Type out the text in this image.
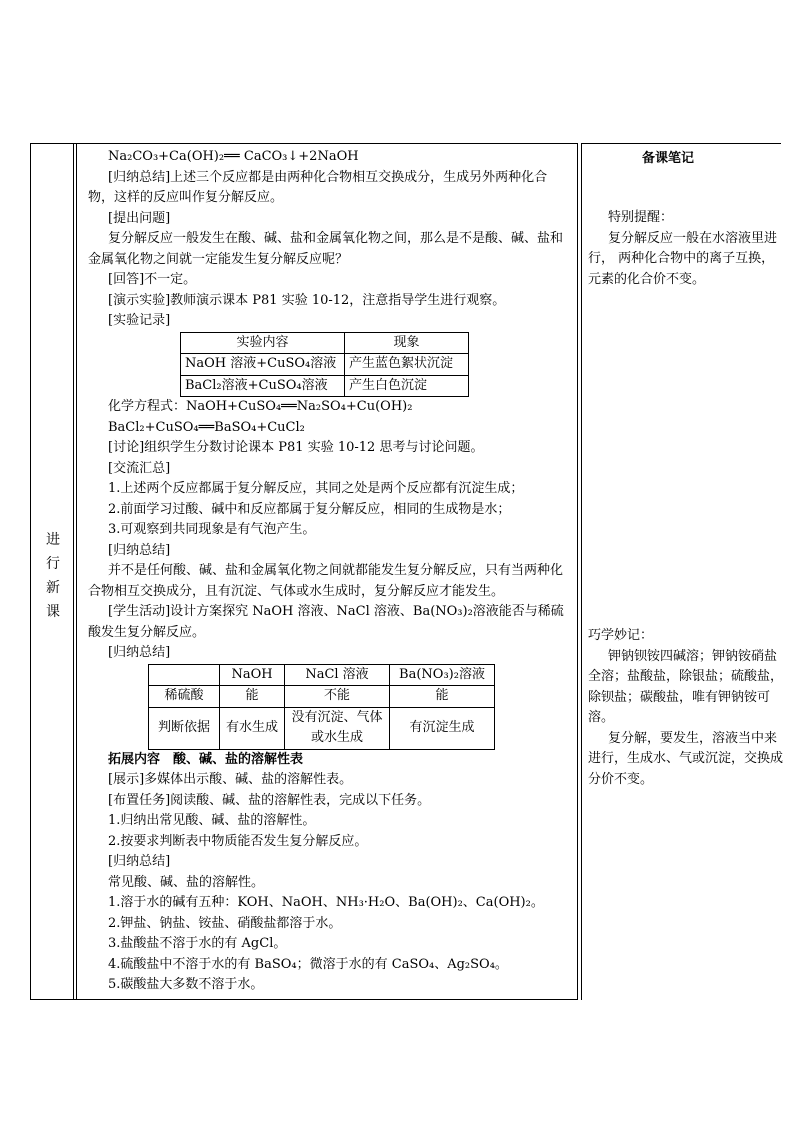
进
行
新
课

Na₂CO₃+Ca(OH)₂══ CaCO₃↓+2NaOH

[归纳总结]上述三个反应都是由两种化合物相互交换成分，生成另外两种化合物，这样的反应叫作复分解反应。

[提出问题]

复分解反应一般发生在酸、碱、盐和金属氧化物之间，那么是不是酸、碱、盐和金属氧化物之间就一定能发生复分解反应呢？

[回答]不一定。

[演示实验]教师演示课本 P81 实验 10-12，注意指导学生进行观察。

[实验记录]

实验内容	现象
NaOH 溶液+CuSO₄溶液	产生蓝色絮状沉淀
BaCl₂溶液+CuSO₄溶液	产生白色沉淀

化学方程式：NaOH+CuSO₄══Na₂SO₄+Cu(OH)₂

BaCl₂+CuSO₄══BaSO₄+CuCl₂

[讨论]组织学生分数讨论课本 P81 实验 10-12 思考与讨论问题。

[交流汇总]

1.上述两个反应都属于复分解反应，其同之处是两个反应都有沉淀生成；

2.前面学习过酸、碱中和反应都属于复分解反应，相同的生成物是水；

3.可观察到共同现象是有气泡产生。

[归纳总结]

并不是任何酸、碱、盐和金属氧化物之间就都能发生复分解反应，只有当两种化合物相互交换成分，且有沉淀、气体或水生成时，复分解反应才能发生。

[学生活动]设计方案探究 NaOH 溶液、NaCl 溶液、Ba(NO₃)₂溶液能否与稀硫酸发生复分解反应。

[归纳总结]

	NaOH	NaCl 溶液	Ba(NO₃)₂溶液
稀硫酸	能	不能	能
判断依据	有水生成	没有沉淀、气体或水生成	有沉淀生成

拓展内容　酸、碱、盐的溶解性表

[展示]多媒体出示酸、碱、盐的溶解性表。

[布置任务]阅读酸、碱、盐的溶解性表，完成以下任务。

1.归纳出常见酸、碱、盐的溶解性。

2.按要求判断表中物质能否发生复分解反应。

[归纳总结]

常见酸、碱、盐的溶解性。

1.溶于水的碱有五种：KOH、NaOH、NH₃·H₂O、Ba(OH)₂、Ca(OH)₂。

2.钾盐、钠盐、铵盐、硝酸盐都溶于水。

3.盐酸盐不溶于水的有 AgCl。

4.硫酸盐中不溶于水的有 BaSO₄；微溶于水的有 CaSO₄、Ag₂SO₄。

5.碳酸盐大多数不溶于水。

备课笔记

特别提醒：

复分解反应一般在水溶液里进行， 两种化合物中的离子互换，元素的化合价不变。

巧学妙记：

钾钠钡铵四碱溶；钾钠铵硝盐全溶；盐酸盐，除银盐；硫酸盐，除钡盐；碳酸盐，唯有钾钠铵可溶。

复分解，要发生，溶液当中来进行，生成水、气或沉淀，交换成分价不变。
